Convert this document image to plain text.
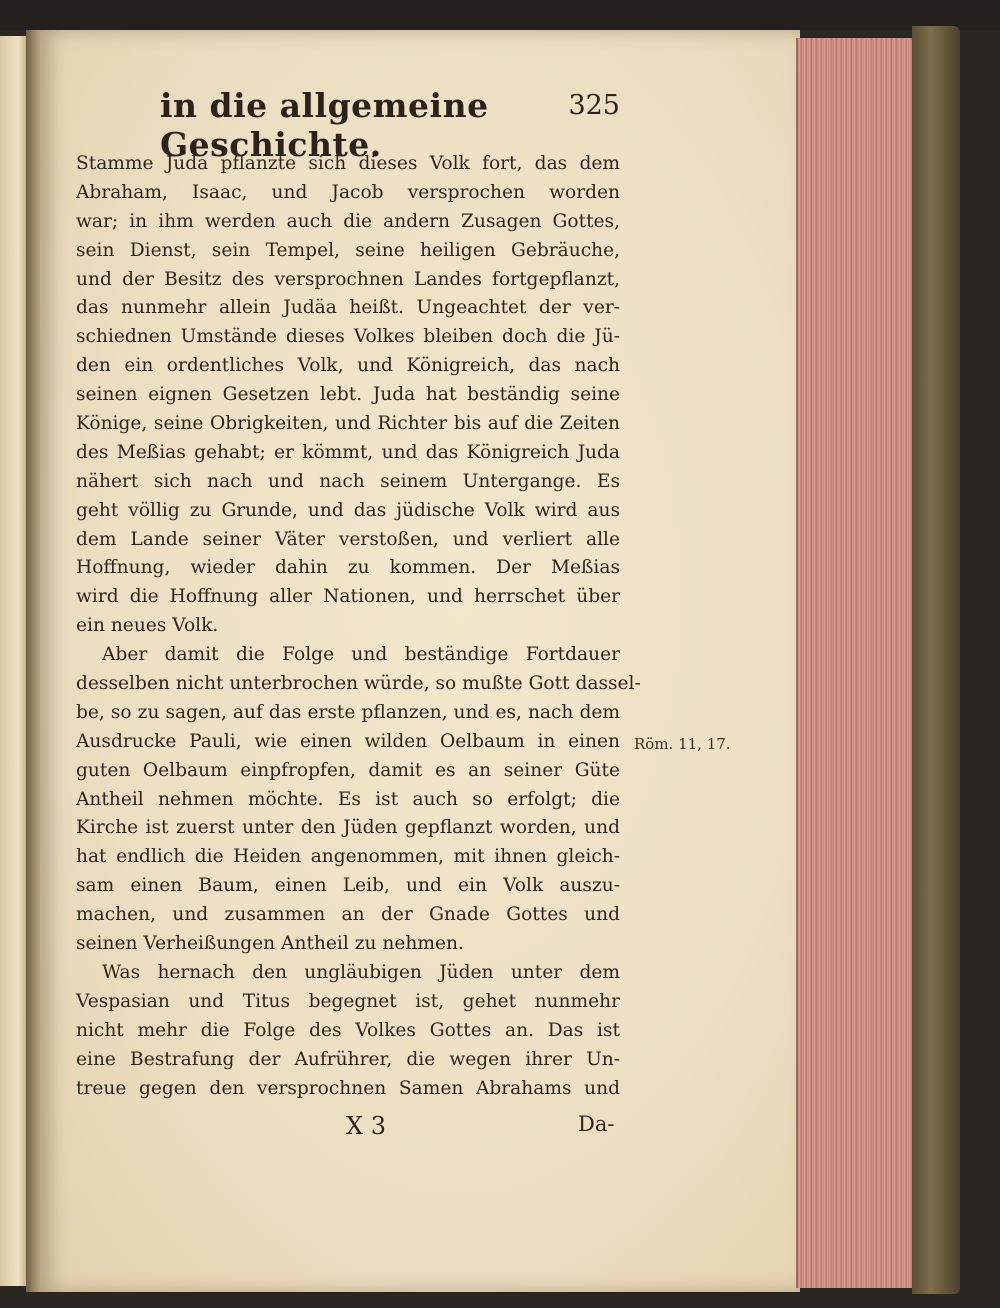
in die allgemeine Geschichte.
325
Stamme Juda pflanzte sich dieses Volk fort, das dem
Abraham, Isaac, und Jacob versprochen worden
war; in ihm werden auch die andern Zusagen Gottes,
sein Dienst, sein Tempel, seine heiligen Gebräuche,
und der Besitz des versprochnen Landes fortgepflanzt,
das nunmehr allein Judäa heißt. Ungeachtet der ver-
schiednen Umstände dieses Volkes bleiben doch die Jü-
den ein ordentliches Volk, und Königreich, das nach
seinen eignen Gesetzen lebt. Juda hat beständig seine
Könige, seine Obrigkeiten, und Richter bis auf die Zeiten
des Meßias gehabt; er kömmt, und das Königreich Juda
nähert sich nach und nach seinem Untergange. Es
geht völlig zu Grunde, und das jüdische Volk wird aus
dem Lande seiner Väter verstoßen, und verliert alle
Hoffnung, wieder dahin zu kommen. Der Meßias
wird die Hoffnung aller Nationen, und herrschet über
ein neues Volk.
Aber damit die Folge und beständige Fortdauer
desselben nicht unterbrochen würde, so mußte Gott dassel-
be, so zu sagen, auf das erste pflanzen, und es, nach dem
Ausdrucke Pauli, wie einen wilden Oelbaum in einen
guten Oelbaum einpfropfen, damit es an seiner Güte
Antheil nehmen möchte. Es ist auch so erfolgt; die
Kirche ist zuerst unter den Jüden gepflanzt worden, und
hat endlich die Heiden angenommen, mit ihnen gleich-
sam einen Baum, einen Leib, und ein Volk auszu-
machen, und zusammen an der Gnade Gottes und
seinen Verheißungen Antheil zu nehmen.
Was hernach den ungläubigen Jüden unter dem
Vespasian und Titus begegnet ist, gehet nunmehr
nicht mehr die Folge des Volkes Gottes an. Das ist
eine Bestrafung der Aufrührer, die wegen ihrer Un-
treue gegen den versprochnen Samen Abrahams und
Röm. 11, 17.
X 3	Da-
